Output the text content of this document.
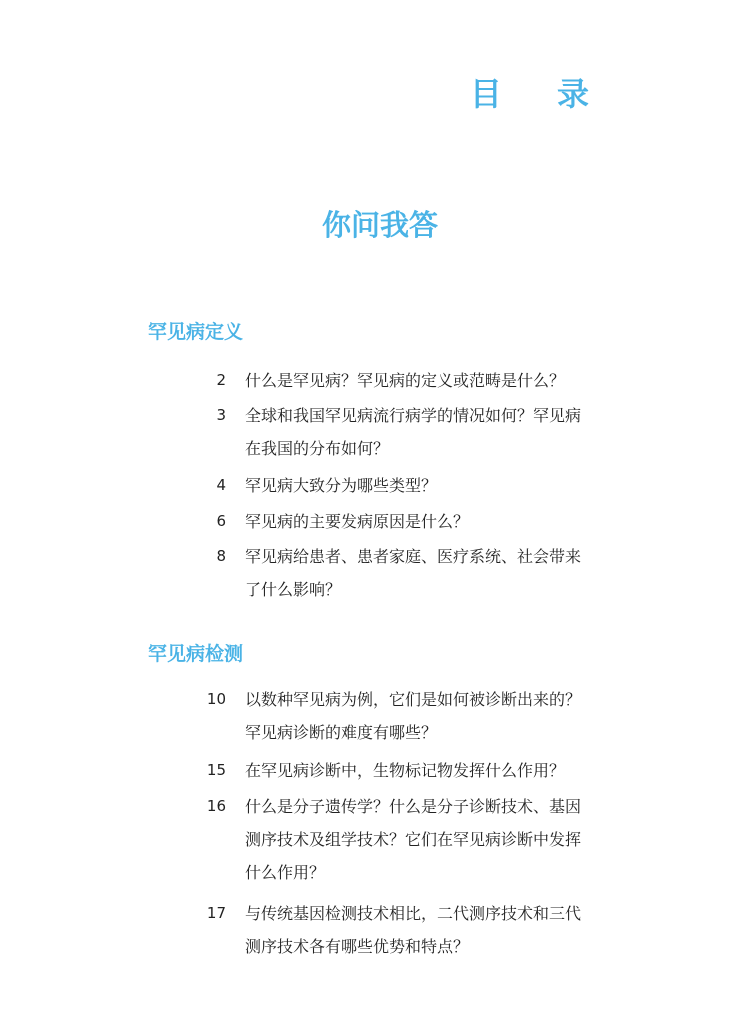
目 录
你问我答
罕见病定义
2 什么是罕见病？罕见病的定义或范畴是什么？
3 全球和我国罕见病流行病学的情况如何？罕见病
在我国的分布如何？
4 罕见病大致分为哪些类型？
6 罕见病的主要发病原因是什么？
8 罕见病给患者、患者家庭、医疗系统、社会带来
了什么影响？
罕见病检测
10 以数种罕见病为例，它们是如何被诊断出来的？
罕见病诊断的难度有哪些？
15 在罕见病诊断中，生物标记物发挥什么作用？
16 什么是分子遗传学？什么是分子诊断技术、基因
测序技术及组学技术？它们在罕见病诊断中发挥
什么作用？
17 与传统基因检测技术相比，二代测序技术和三代
测序技术各有哪些优势和特点？
